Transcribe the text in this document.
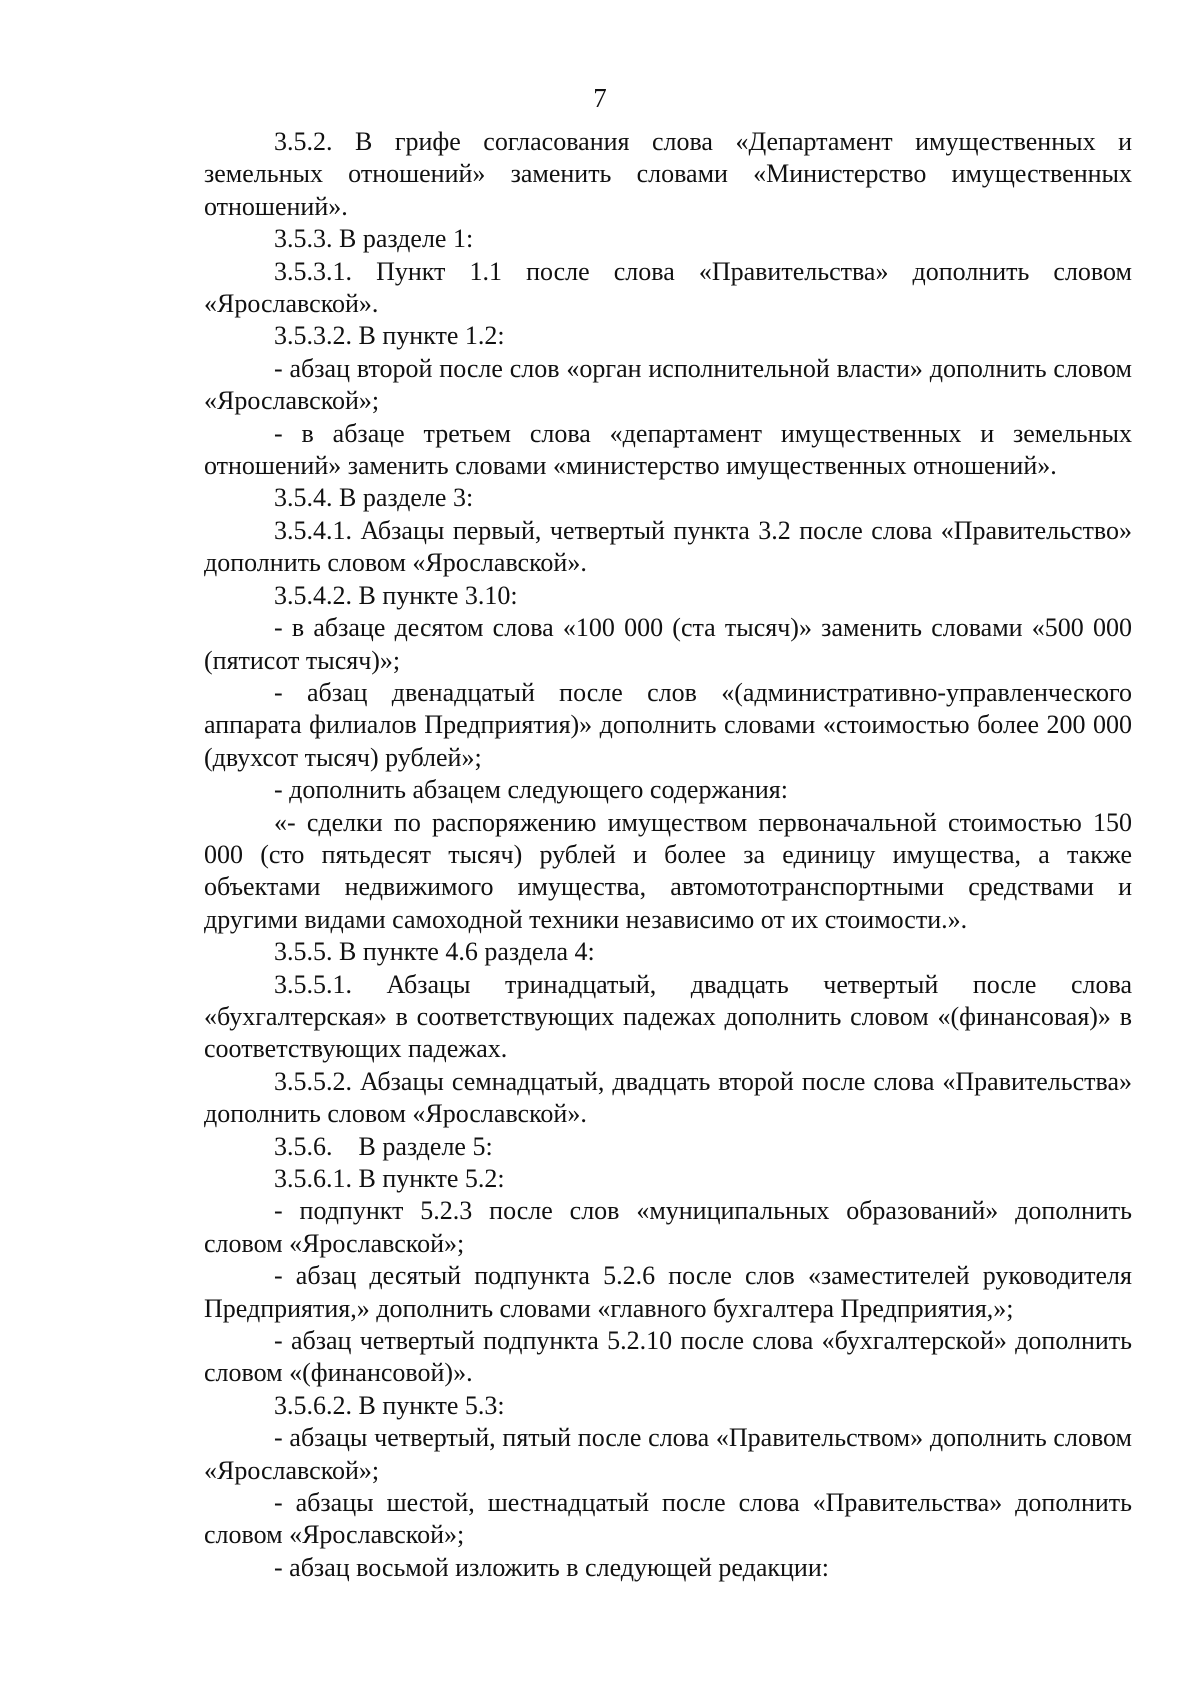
7

3.5.2. В грифе согласования слова «Департамент имущественных и земельных отношений» заменить словами «Министерство имущественных отношений».

3.5.3. В разделе 1:

3.5.3.1. Пункт 1.1 после слова «Правительства» дополнить словом «Ярославской».

3.5.3.2. В пункте 1.2:

- абзац второй после слов «орган исполнительной власти» дополнить словом «Ярославской»;

- в абзаце третьем слова «департамент имущественных и земельных отношений» заменить словами «министерство имущественных отношений».

3.5.4. В разделе 3:

3.5.4.1. Абзацы первый, четвертый пункта 3.2 после слова «Правительство» дополнить словом «Ярославской».

3.5.4.2. В пункте 3.10:

- в абзаце десятом слова «100 000 (ста тысяч)» заменить словами «500 000 (пятисот тысяч)»;

- абзац двенадцатый после слов «(административно-управленческого аппарата филиалов Предприятия)» дополнить словами «стоимостью более 200 000 (двухсот тысяч) рублей»;

- дополнить абзацем следующего содержания:

«- сделки по распоряжению имуществом первоначальной стоимостью 150 000 (сто пятьдесят тысяч) рублей и более за единицу имущества, а также объектами недвижимого имущества, автомототранспортными средствами и другими видами самоходной техники независимо от их стоимости.».

3.5.5. В пункте 4.6 раздела 4:

3.5.5.1. Абзацы тринадцатый, двадцать четвертый после слова «бухгалтерская» в соответствующих падежах дополнить словом «(финансовая)» в соответствующих падежах.

3.5.5.2. Абзацы семнадцатый, двадцать второй после слова «Правительства» дополнить словом «Ярославской».

3.5.6.    В разделе 5:

3.5.6.1. В пункте 5.2:

- подпункт 5.2.3 после слов «муниципальных образований» дополнить словом «Ярославской»;

- абзац десятый подпункта 5.2.6 после слов «заместителей руководителя Предприятия,» дополнить словами «главного бухгалтера Предприятия,»;

- абзац четвертый подпункта 5.2.10 после слова «бухгалтерской» дополнить словом «(финансовой)».

3.5.6.2. В пункте 5.3:

- абзацы четвертый, пятый после слова «Правительством» дополнить словом «Ярославской»;

- абзацы шестой, шестнадцатый после слова «Правительства» дополнить словом «Ярославской»;

- абзац восьмой изложить в следующей редакции:
